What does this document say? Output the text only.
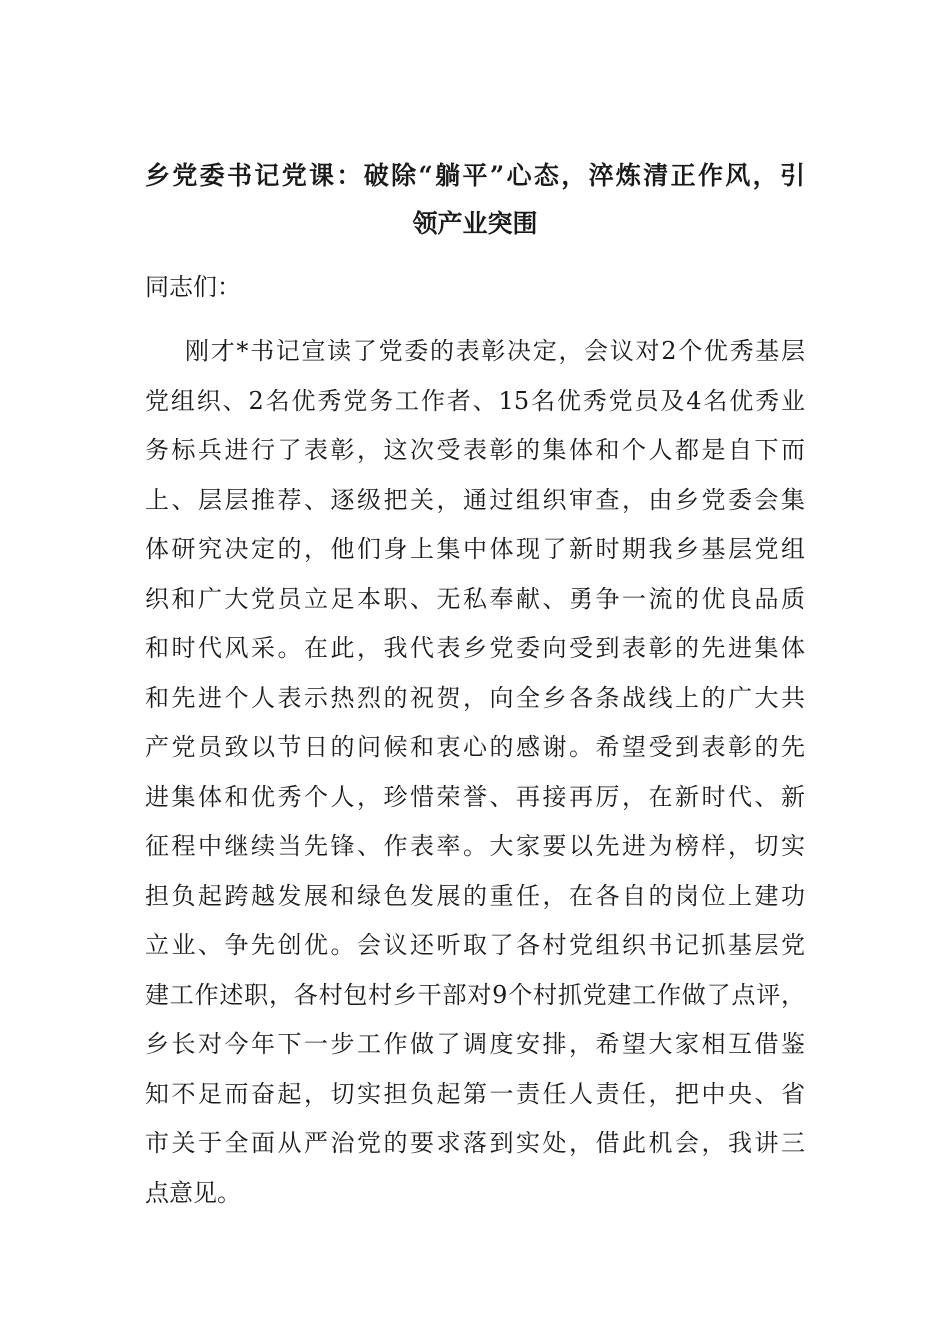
乡党委书记党课：破除“躺平”心态，淬炼清正作风，引
领产业突围
同志们：
刚才*书记宣读了党委的表彰决定，会议对2个优秀基层
党组织、2名优秀党务工作者、15名优秀党员及4名优秀业
务标兵进行了表彰，这次受表彰的集体和个人都是自下而
上、层层推荐、逐级把关，通过组织审查，由乡党委会集
体研究决定的，他们身上集中体现了新时期我乡基层党组
织和广大党员立足本职、无私奉献、勇争一流的优良品质
和时代风采。在此，我代表乡党委向受到表彰的先进集体
和先进个人表示热烈的祝贺，向全乡各条战线上的广大共
产党员致以节日的问候和衷心的感谢。希望受到表彰的先
进集体和优秀个人，珍惜荣誉、再接再厉，在新时代、新
征程中继续当先锋、作表率。大家要以先进为榜样，切实
担负起跨越发展和绿色发展的重任，在各自的岗位上建功
立业、争先创优。会议还听取了各村党组织书记抓基层党
建工作述职，各村包村乡干部对9个村抓党建工作做了点评，
乡长对今年下一步工作做了调度安排，希望大家相互借鉴
知不足而奋起，切实担负起第一责任人责任，把中央、省
市关于全面从严治党的要求落到实处，借此机会，我讲三
点意见。
